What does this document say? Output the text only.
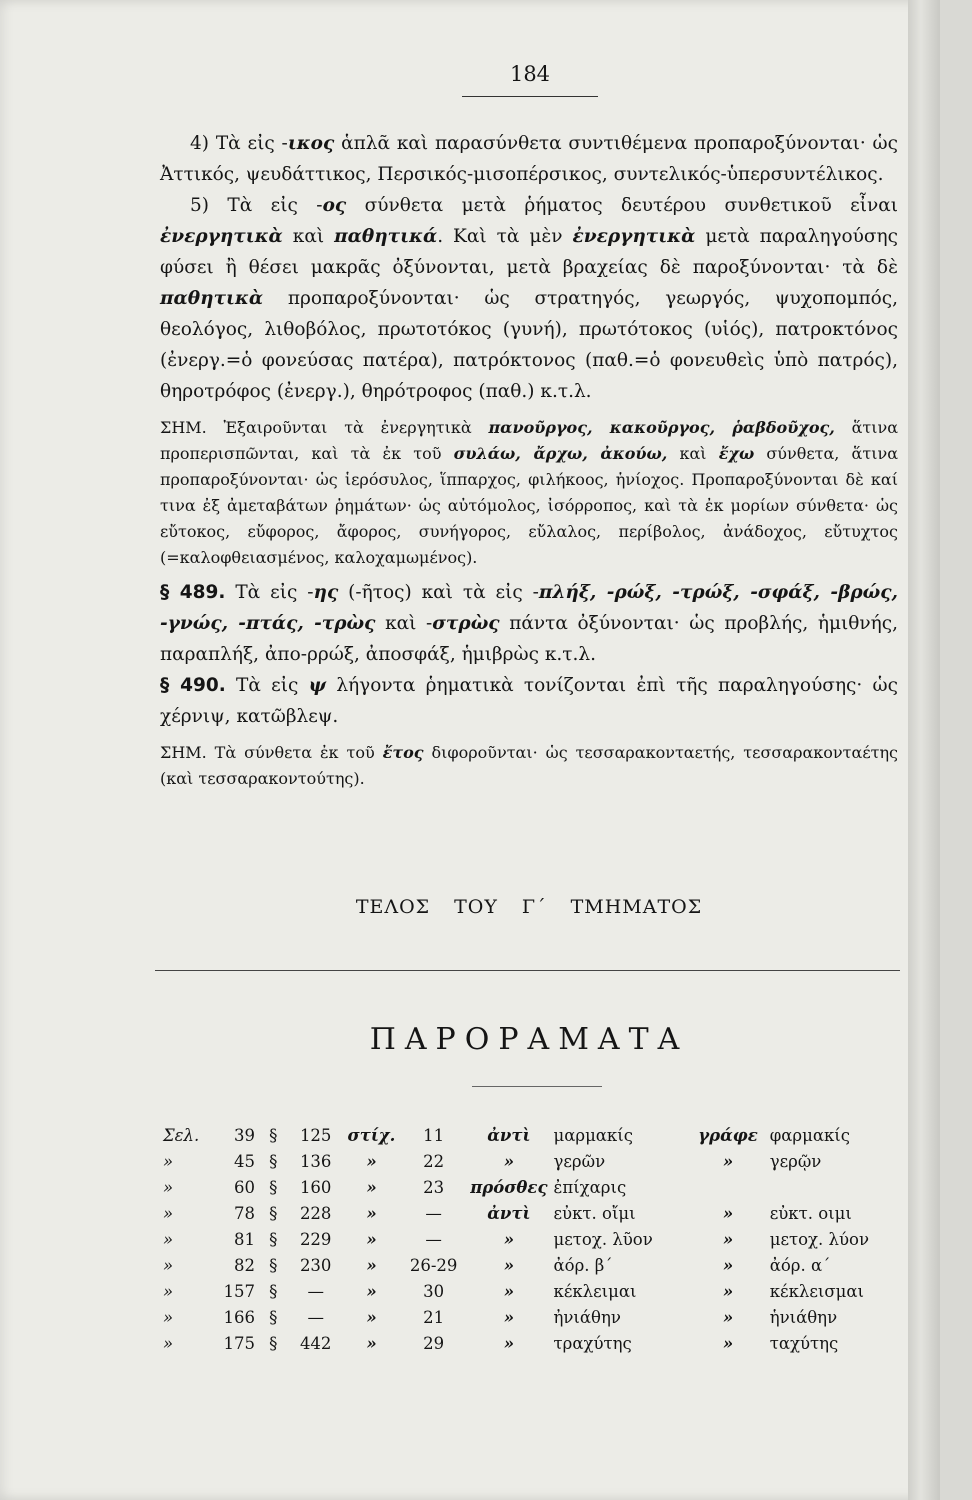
184

4) Τὰ εἰς -ικος ἁπλᾶ καὶ παρασύνθετα συντιθέμενα προπαροξύνονται· ὡς Ἀττικός, ψευδάττικος, Περσικός-μισοπέρσικος, συντελικός-ὑπερσυντέλικος.

5) Τὰ εἰς -ος σύνθετα μετὰ ῥήματος δευτέρου συνθετικοῦ εἶναι ἐνεργητικὰ καὶ παθητικά. Καὶ τὰ μὲν ἐνεργητικὰ μετὰ παραληγούσης φύσει ἢ θέσει μακρᾶς ὀξύνονται, μετὰ βραχείας δὲ παροξύνονται· τὰ δὲ παθητικὰ προπαροξύνονται· ὡς στρατηγός, γεωργός, ψυχοπομπός, θεολόγος, λιθοβόλος, πρωτοτόκος (γυνή), πρωτότοκος (υἱός), πατροκτόνος (ἐνεργ.=ὁ φονεύσας πατέρα), πατρόκτονος (παθ.=ὁ φονευθεὶς ὑπὸ πατρός), θηροτρόφος (ἐνεργ.), θηρότροφος (παθ.) κ.τ.λ.

ΣΗΜ. Ἐξαιροῦνται τὰ ἐνεργητικὰ πανοῦργος, κακοῦργος, ῥαβδοῦχος, ἅτινα προπερισπῶνται, καὶ τὰ ἐκ τοῦ συλάω, ἄρχω, ἀκούω, καὶ ἔχω σύνθετα, ἅτινα προπαροξύνονται· ὡς ἱερόσυλος, ἵππαρχος, φιλήκοος, ἡνίοχος. Προπαροξύνονται δὲ καί τινα ἐξ ἀμεταβάτων ῥημάτων· ὡς αὐτόμολος, ἰσόρροπος, καὶ τὰ ἐκ μορίων σύνθετα· ὡς εὔτοκος, εὔφορος, ἄφορος, συνήγορος, εὔλαλος, περίβολος, ἀνάδοχος, εὔτυχτος (=καλοφθειασμένος, καλοχαμωμένος).

§ 489. Τὰ εἰς -ης (-ῆτος) καὶ τὰ εἰς -πλήξ, -ρώξ, -τρώξ, -σφάξ, -βρώς, -γνώς, -πτάς, -τρὼς καὶ -στρὼς πάντα ὀξύνονται· ὡς προβλής, ἡμιθνής, παραπλήξ, ἀπο-ρρώξ, ἀποσφάξ, ἡμιβρὼς κ.τ.λ.

§ 490. Τὰ εἰς ψ λήγοντα ῥηματικὰ τονίζονται ἐπὶ τῆς παραληγούσης· ὡς χέρνιψ, κατῶβλεψ.

ΣΗΜ. Τὰ σύνθετα ἐκ τοῦ ἔτος διφοροῦνται· ὡς τεσσαρακονταετής, τεσσαρακονταέτης (καὶ τεσσαρακοντούτης).

ΤΕΛΟΣ ΤΟΥ Γ΄ ΤΜΗΜΑΤΟΣ
ΠΑΡΟΡΑΜΑΤΑ
Σελ.	39	§	125	στίχ.	11	ἀντὶ	μαρμακίς	γράφε	φαρμακίς
»	45	§	136	»	22	»	γερῶν	»	γερῷν
»	60	§	160	»	23	πρόσθες	ἐπίχαρις		
»	78	§	228	»	—	ἀντὶ	εὐκτ. οἴμι	»	εὐκτ. οιμι
»	81	§	229	»	—	»	μετοχ. λῦον	»	μετοχ. λύον
»	82	§	230	»	26-29	»	ἀόρ. β΄	»	ἀόρ. α΄
»	157	§	—	»	30	»	κέκλειμαι	»	κέκλεισμαι
»	166	§	—	»	21	»	ἠνιάθην	»	ἡνιάθην
»	175	§	442	»	29	»	τραχύτης	»	ταχύτης
